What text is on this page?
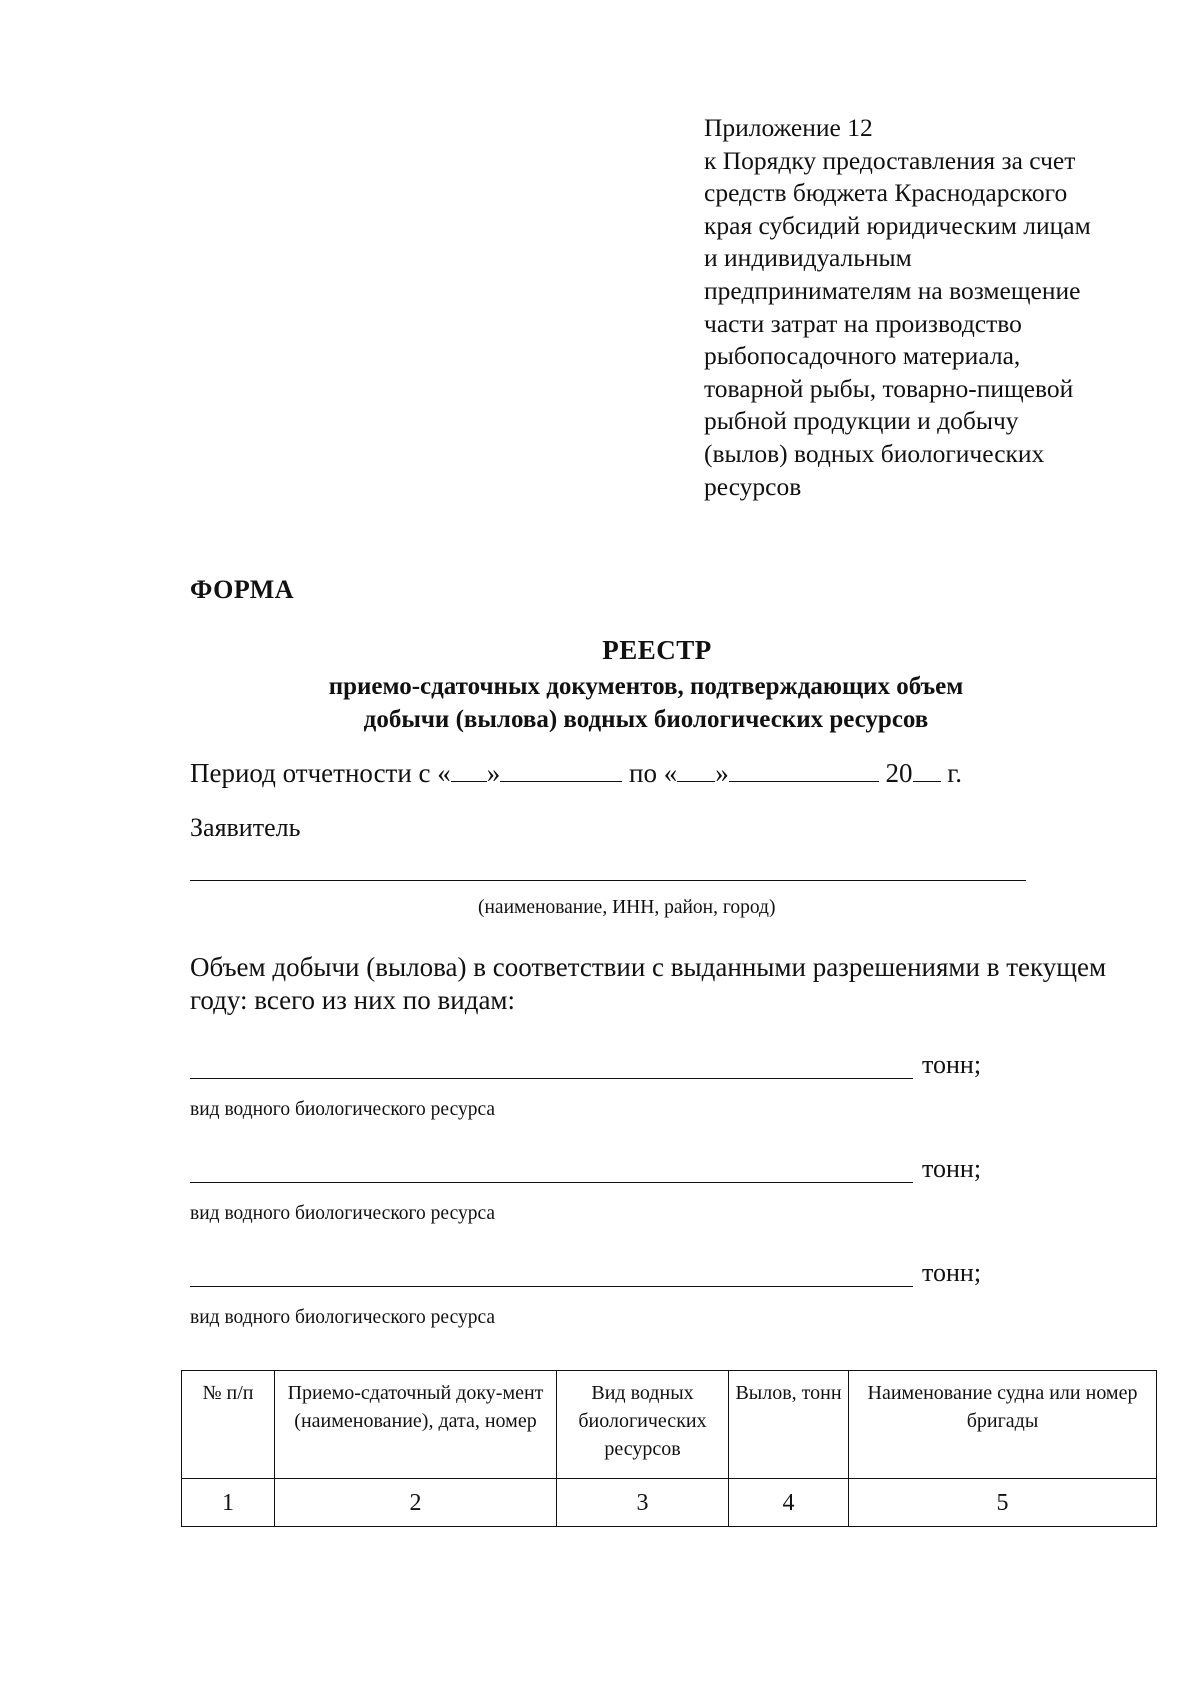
Приложение 12
к Порядку предоставления за счет
средств бюджета Краснодарского
края субсидий юридическим лицам
и индивидуальным
предпринимателям на возмещение
части затрат на производство
рыбопосадочного материала,
товарной рыбы, товарно-пищевой
рыбной продукции и добычу
(вылов) водных биологических
ресурсов
ФОРМА
РЕЕСТР
приемо-сдаточных документов, подтверждающих объем
добычи (вылова) водных биологических ресурсов
Период отчетности с « »	по « »	20 г.
Заявитель
(наименование, ИНН, район, город)
Объем добычи (вылова) в соответствии с выданными разрешениями в текущем году: всего из них по видам:
тонн;
вид водного биологического ресурса
тонн;
вид водного биологического ресурса
тонн;
вид водного биологического ресурса
№ п/п	Приемо-сдаточный доку-мент (наименование), дата, номер	Вид водных биологических ресурсов	Вылов, тонн	Наименование судна или номер бригады
1	2	3	4	5
